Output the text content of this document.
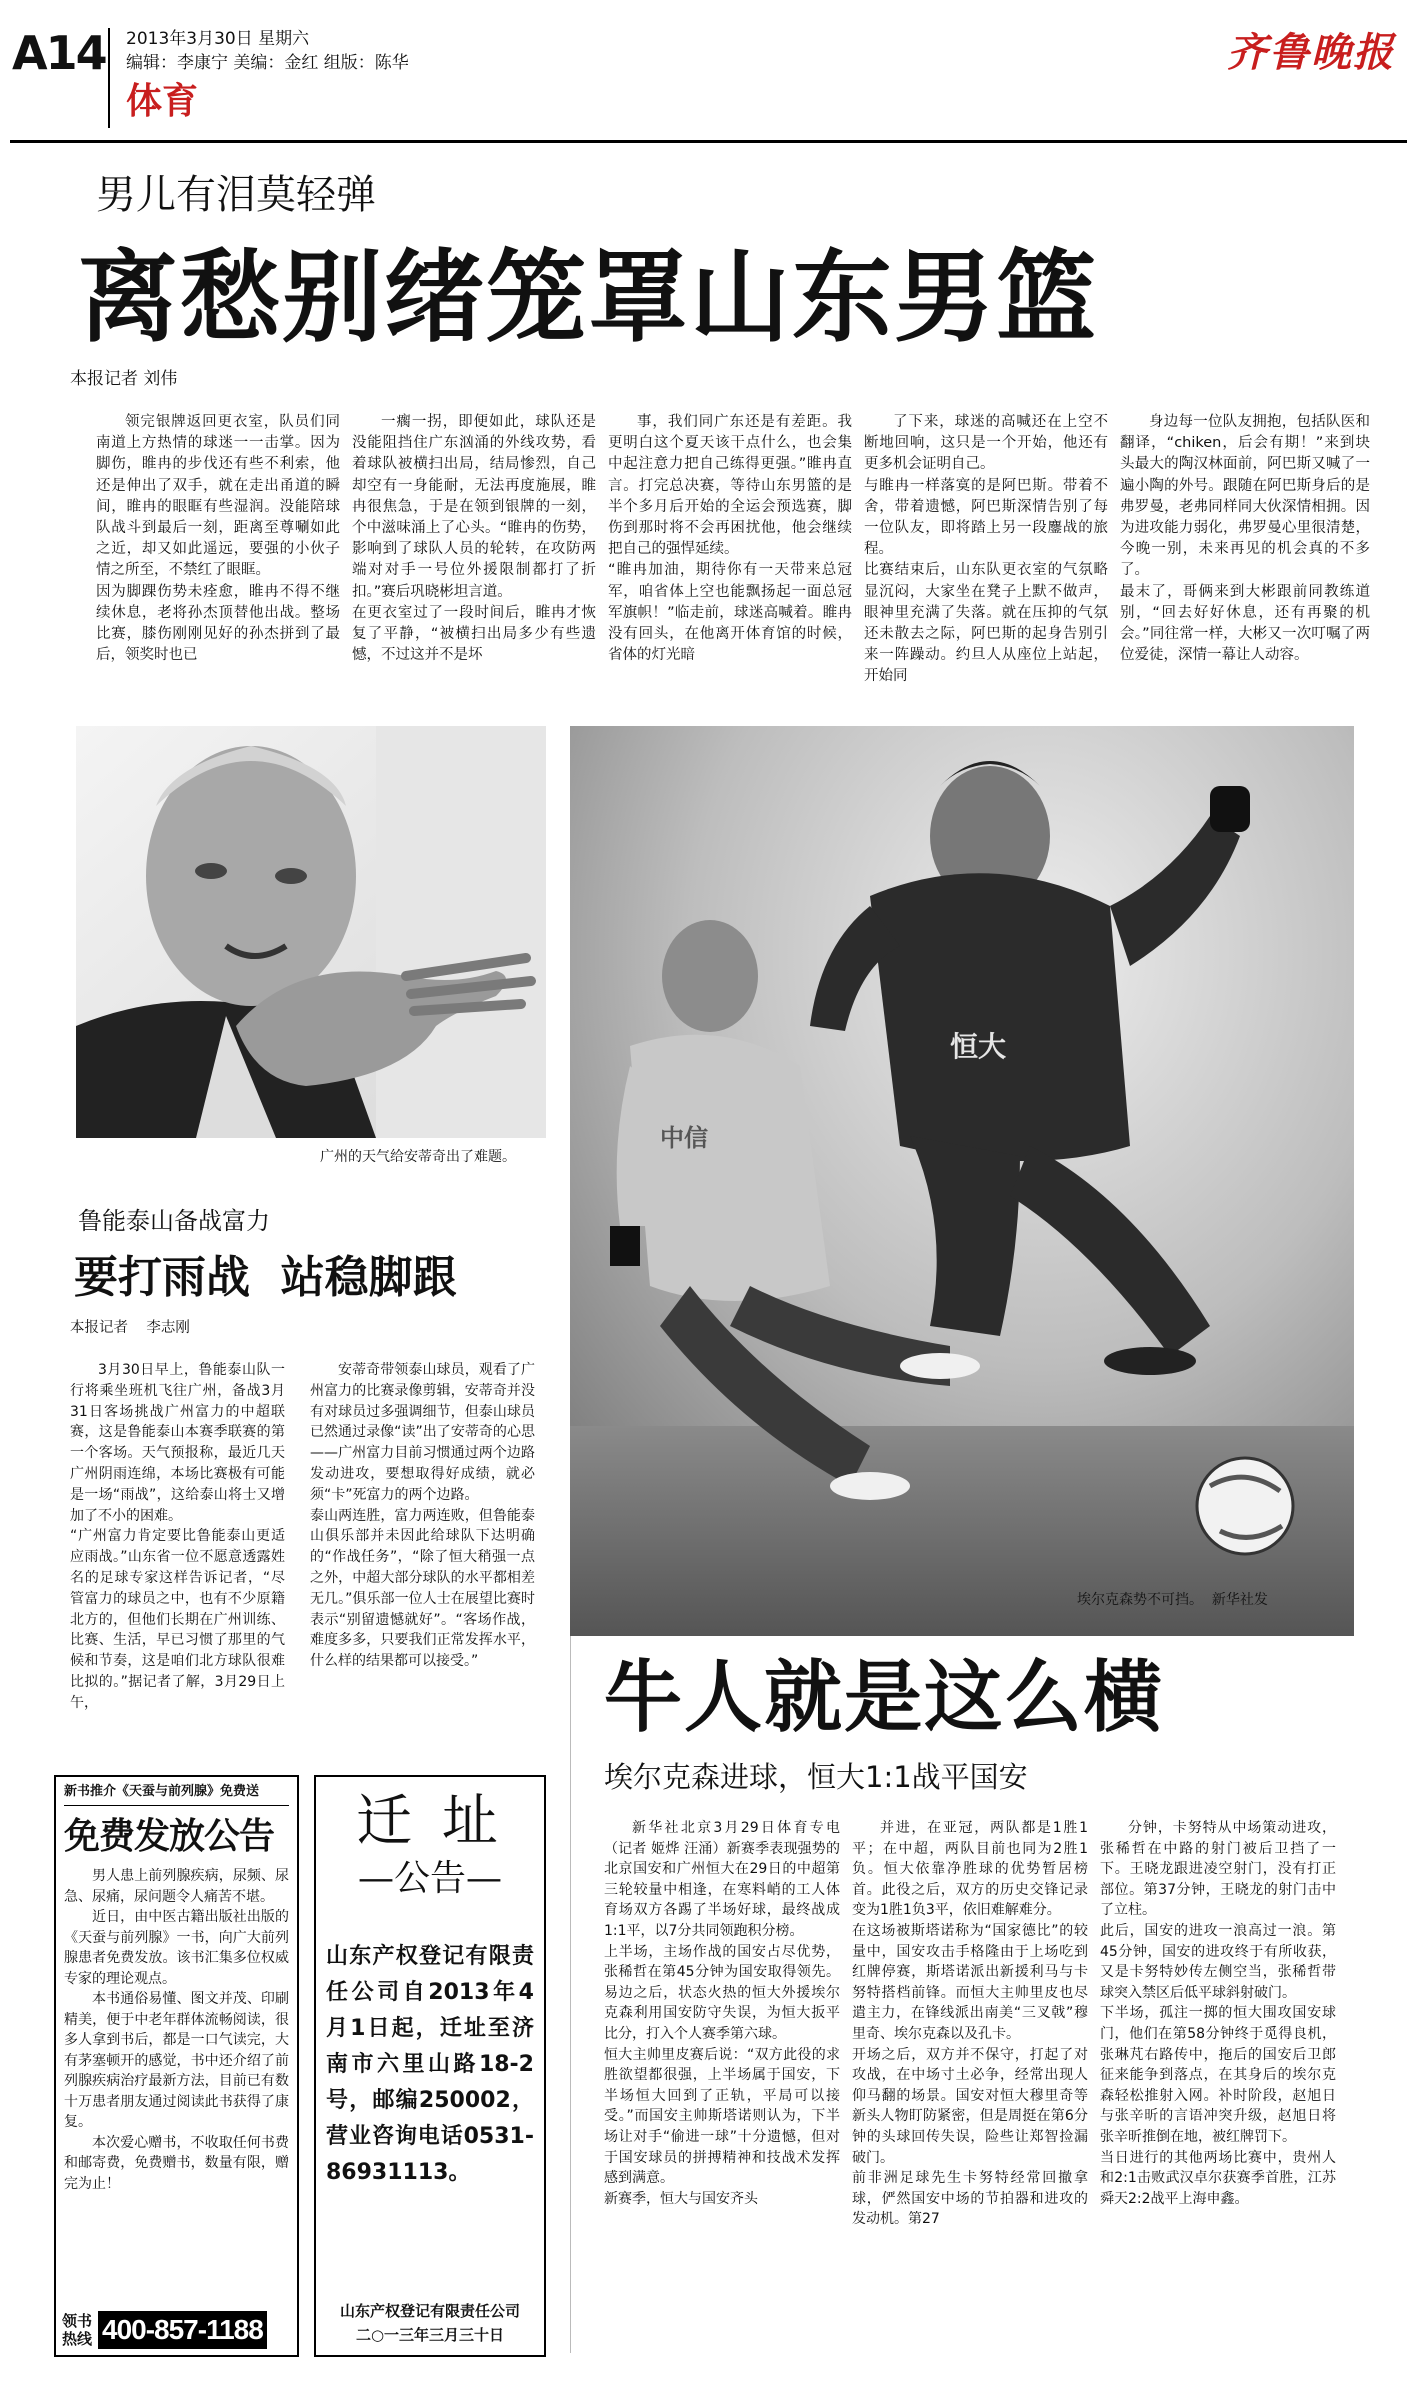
A14 2013年3月30日 星期六
编辑：李康宁 美编：金红 组版：陈华
体育
齐鲁晚报
男儿有泪莫轻弹
离愁别绪笼罩山东男篮
本报记者 刘伟

领完银牌返回更衣室，队员们同南道上方热情的球迷一一击掌。因为脚伤，睢冉的步伐还有些不利索，他还是伸出了双手，就在走出甬道的瞬间，睢冉的眼眶有些湿润。没能陪球队战斗到最后一刻，距离至尊唰如此之近，却又如此遥远，要强的小伙子情之所至，不禁红了眼眶。
因为脚踝伤势未痊愈，睢冉不得不继续休息，老将孙杰顶替他出战。整场比赛，膝伤刚刚见好的孙杰拼到了最后，领奖时也已

一瘸一拐，即便如此，球队还是没能阻挡住广东汹涌的外线攻势，看着球队被横扫出局，结局惨烈，自己却空有一身能耐，无法再度施展，睢冉很焦急，于是在领到银牌的一刻，个中滋味涌上了心头。“睢冉的伤势，影响到了球队人员的轮转，在攻防两端对对手一号位外援限制都打了折扣。”赛后巩晓彬坦言道。
在更衣室过了一段时间后，睢冉才恢复了平静，“被横扫出局多少有些遗憾，不过这并不是坏

事，我们同广东还是有差距。我更明白这个夏天该干点什么，也会集中起注意力把自己练得更强。”睢冉直言。打完总决赛，等待山东男篮的是半个多月后开始的全运会预选赛，脚伤到那时将不会再困扰他，他会继续把自己的强悍延续。
“睢冉加油，期待你有一天带来总冠军，咱省体上空也能飘扬起一面总冠军旗帜！”临走前，球迷高喊着。睢冉没有回头，在他离开体育馆的时候，省体的灯光暗

了下来，球迷的高喊还在上空不断地回响，这只是一个开始，他还有更多机会证明自己。
与睢冉一样落寞的是阿巴斯。带着不舍，带着遗憾，阿巴斯深情告别了每一位队友，即将踏上另一段鏖战的旅程。
比赛结束后，山东队更衣室的气氛略显沉闷，大家坐在凳子上默不做声，眼神里充满了失落。就在压抑的气氛还未散去之际，阿巴斯的起身告别引来一阵躁动。约旦人从座位上站起，开始同

身边每一位队友拥抱，包括队医和翻译，“chiken，后会有期！”来到块头最大的陶汉林面前，阿巴斯又喊了一遍小陶的外号。跟随在阿巴斯身后的是弗罗曼，老弗同样同大伙深情相拥。因为进攻能力弱化，弗罗曼心里很清楚，今晚一别，未来再见的机会真的不多了。
最末了，哥俩来到大彬跟前同教练道别，“回去好好休息，还有再聚的机会。”同往常一样，大彬又一次叮嘱了两位爱徒，深情一幕让人动容。

广州的天气给安蒂奇出了难题。
鲁能泰山备战富力
要打雨战  站稳脚跟
本报记者    李志刚

3月30日早上，鲁能泰山队一行将乘坐班机飞往广州，备战3月31日客场挑战广州富力的中超联赛，这是鲁能泰山本赛季联赛的第一个客场。天气预报称，最近几天广州阴雨连绵，本场比赛极有可能是一场“雨战”，这给泰山将士又增加了不小的困难。
“广州富力肯定要比鲁能泰山更适应雨战。”山东省一位不愿意透露姓名的足球专家这样告诉记者，“尽管富力的球员之中，也有不少原籍北方的，但他们长期在广州训练、比赛、生活，早已习惯了那里的气候和节奏，这是咱们北方球队很难比拟的。”据记者了解，3月29日上午，

安蒂奇带领泰山球员，观看了广州富力的比赛录像剪辑，安蒂奇并没有对球员过多强调细节，但泰山球员已然通过录像“读”出了安蒂奇的心思——广州富力目前习惯通过两个边路发动进攻，要想取得好成绩，就必须“卡”死富力的两个边路。
泰山两连胜，富力两连败，但鲁能泰山俱乐部并未因此给球队下达明确的“作战任务”，“除了恒大稍强一点之外，中超大部分球队的水平都相差无几。”俱乐部一位人士在展望比赛时表示“别留遗憾就好”。“客场作战，难度多多，只要我们正常发挥水平，什么样的结果都可以接受。”

新书推介《天蚕与前列腺》免费送
免费发放公告

男人患上前列腺疾病，尿频、尿急、尿痛，尿问题令人痛苦不堪。

近日，由中医古籍出版社出版的《天蚕与前列腺》一书，向广大前列腺患者免费发放。该书汇集多位权威专家的理论观点。

本书通俗易懂、图文并茂、印刷精美，便于中老年群体流畅阅读，很多人拿到书后，都是一口气读完，大有茅塞顿开的感觉，书中还介绍了前列腺疾病治疗最新方法，目前已有数十万患者朋友通过阅读此书获得了康复。

本次爱心赠书，不收取任何书费和邮寄费，免费赠书，数量有限，赠完为止！

领书
热线 400-857-1188
迁 址
—公告—
山东产权登记有限责任公司自2013年4月1日起，迁址至济南市六里山路18-2号，邮编250002，营业咨询电话0531-86931113。
山东产权登记有限责任公司
二○一三年三月三十日
恒大
中信
埃尔克森势不可挡。  新华社发
牛人就是这么横
埃尔克森进球，恒大1:1战平国安

新华社北京3月29日体育专电（记者 姬烨 汪涌）新赛季表现强势的北京国安和广州恒大在29日的中超第三轮较量中相逢，在寒料峭的工人体育场双方各踢了半场好球，最终战成1:1平，以7分共同领跑积分榜。
上半场，主场作战的国安占尽优势，张稀哲在第45分钟为国安取得领先。易边之后，状态火热的恒大外援埃尔克森利用国安防守失误，为恒大扳平比分，打入个人赛季第六球。
恒大主帅里皮赛后说：“双方此役的求胜欲望都很强，上半场属于国安，下半场恒大回到了正轨，平局可以接受。”而国安主帅斯塔诺则认为，下半场让对手“偷进一球”十分遗憾，但对于国安球员的拼搏精神和技战术发挥感到满意。
新赛季，恒大与国安齐头

并进，在亚冠，两队都是1胜1平；在中超，两队目前也同为2胜1负。恒大依靠净胜球的优势暂居榜首。此役之后，双方的历史交锋记录变为1胜1负3平，依旧难解难分。
在这场被斯塔诺称为“国家德比”的较量中，国安攻击手格隆由于上场吃到红牌停赛，斯塔诺派出新援利马与卡努特搭档前锋。而恒大主帅里皮也尽遣主力，在锋线派出南美“三叉戟”穆里奇、埃尔克森以及孔卡。
开场之后，双方并不保守，打起了对攻战，在中场寸土必争，经常出现人仰马翻的场景。国安对恒大穆里奇等新头人物盯防紧密，但是周挺在第6分钟的头球回传失误，险些让郑智捡漏破门。
前非洲足球先生卡努特经常回撤拿球，俨然国安中场的节拍器和进攻的发动机。第27

分钟，卡努特从中场策动进攻，张稀哲在中路的射门被后卫挡了一下。王晓龙跟进凌空射门，没有打正部位。第37分钟，王晓龙的射门击中了立柱。
此后，国安的进攻一浪高过一浪。第45分钟，国安的进攻终于有所收获，又是卡努特妙传左侧空当，张稀哲带球突入禁区后低平球斜射破门。
下半场，孤注一掷的恒大围攻国安球门，他们在第58分钟终于觅得良机，张琳芃右路传中，拖后的国安后卫郎征来能争到落点，在其身后的埃尔克森轻松推射入网。补时阶段，赵旭日与张辛昕的言语冲突升级，赵旭日将张辛昕推倒在地，被红牌罚下。
当日进行的其他两场比赛中，贵州人和2:1击败武汉卓尔获赛季首胜，江苏舜天2:2战平上海申鑫。
